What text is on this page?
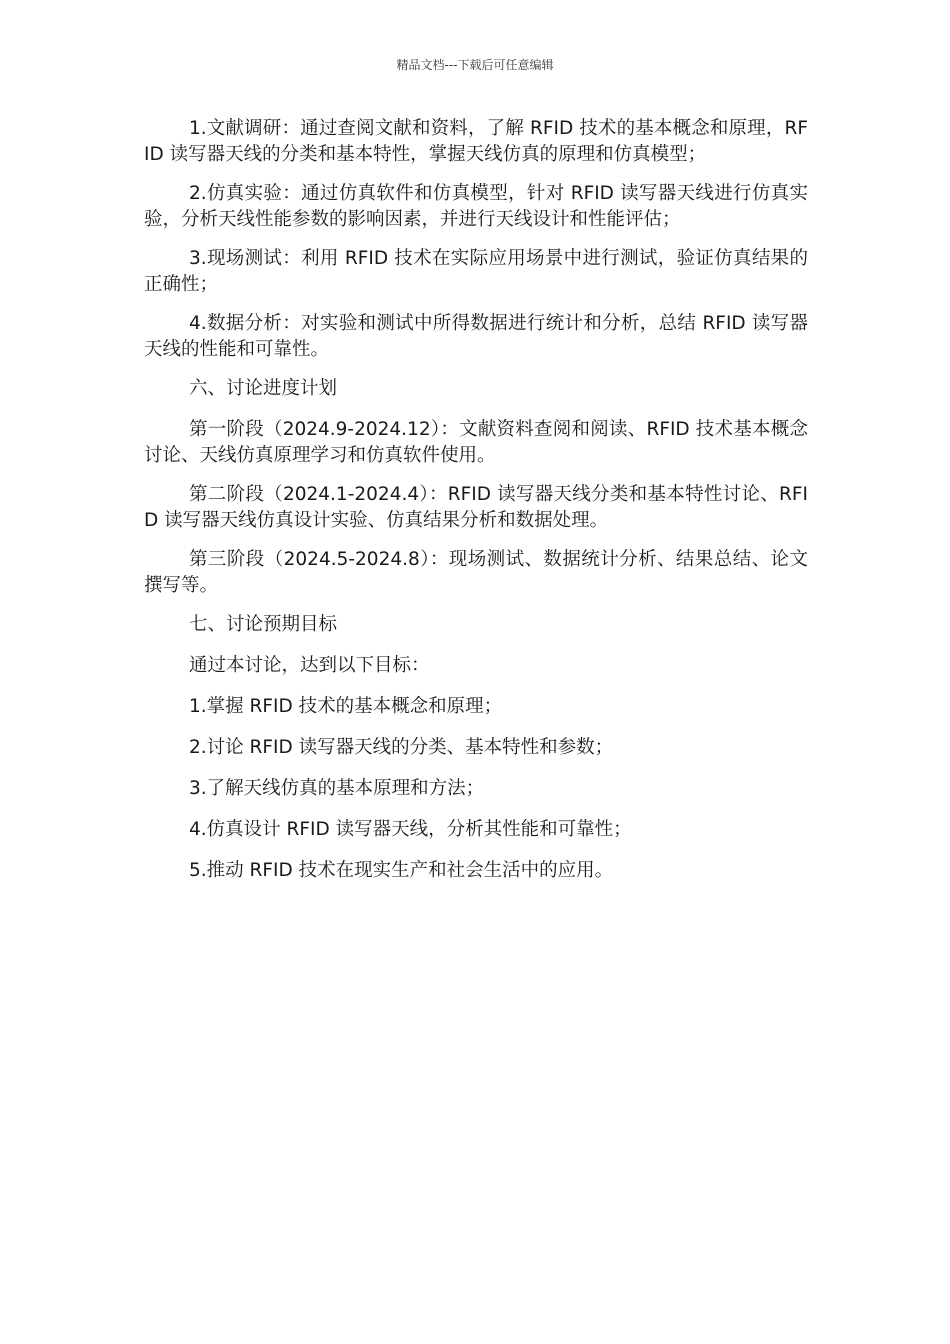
精品文档---下载后可任意编辑

1.文献调研：通过查阅文献和资料，了解 RFID 技术的基本概念和原理，RFID 读写器天线的分类和基本特性，掌握天线仿真的原理和仿真模型；

2.仿真实验：通过仿真软件和仿真模型，针对 RFID 读写器天线进行仿真实验，分析天线性能参数的影响因素，并进行天线设计和性能评估；

3.现场测试：利用 RFID 技术在实际应用场景中进行测试，验证仿真结果的正确性；

4.数据分析：对实验和测试中所得数据进行统计和分析，总结 RFID 读写器天线的性能和可靠性。

六、讨论进度计划

第一阶段（2024.9-2024.12）：文献资料查阅和阅读、RFID 技术基本概念讨论、天线仿真原理学习和仿真软件使用。

第二阶段（2024.1-2024.4）：RFID 读写器天线分类和基本特性讨论、RFID 读写器天线仿真设计实验、仿真结果分析和数据处理。

第三阶段（2024.5-2024.8）：现场测试、数据统计分析、结果总结、论文撰写等。

七、讨论预期目标

通过本讨论，达到以下目标：

1.掌握 RFID 技术的基本概念和原理；

2.讨论 RFID 读写器天线的分类、基本特性和参数；

3.了解天线仿真的基本原理和方法；

4.仿真设计 RFID 读写器天线，分析其性能和可靠性；

5.推动 RFID 技术在现实生产和社会生活中的应用。
